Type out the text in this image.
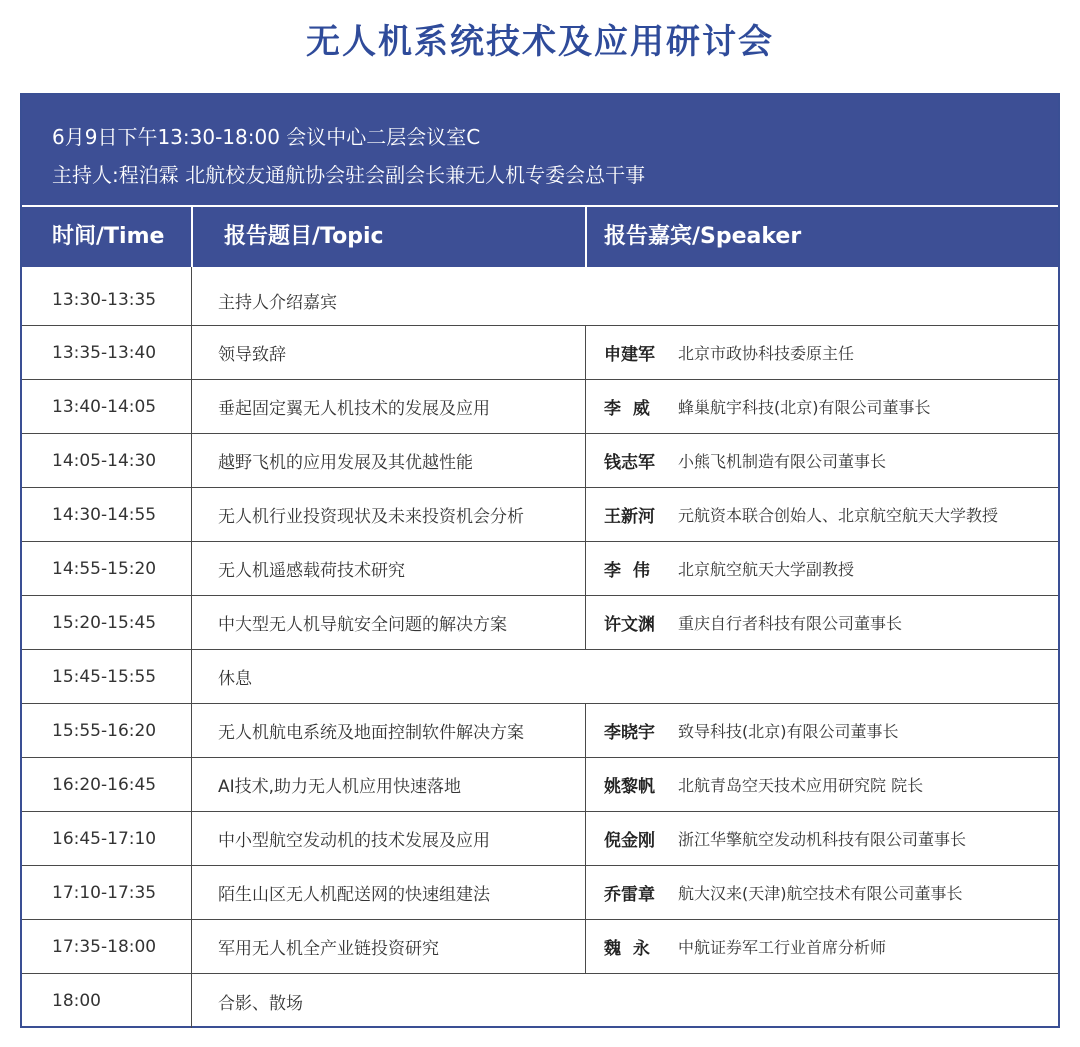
无人机系统技术及应用研讨会
6月9日下午13:30-18:00 会议中心二层会议室C
主持人:程泊霖 北航校友通航协会驻会副会长兼无人机专委会总干事
时间/Time	报告题目/Topic	报告嘉宾/Speaker
13:30-13:35	主持人介绍嘉宾
13:35-13:40	领导致辞	申建军	北京市政协科技委原主任
13:40-14:05	垂起固定翼无人机技术的发展及应用	李  威	蜂巢航宇科技(北京)有限公司董事长
14:05-14:30	越野飞机的应用发展及其优越性能	钱志军	小熊飞机制造有限公司董事长
14:30-14:55	无人机行业投资现状及未来投资机会分析	王新河	元航资本联合创始人、北京航空航天大学教授
14:55-15:20	无人机遥感载荷技术研究	李  伟	北京航空航天大学副教授
15:20-15:45	中大型无人机导航安全问题的解决方案	许文渊	重庆自行者科技有限公司董事长
15:45-15:55	休息
15:55-16:20	无人机航电系统及地面控制软件解决方案	李晓宇	致导科技(北京)有限公司董事长
16:20-16:45	AI技术,助力无人机应用快速落地	姚黎帆	北航青岛空天技术应用研究院 院长
16:45-17:10	中小型航空发动机的技术发展及应用	倪金刚	浙江华擎航空发动机科技有限公司董事长
17:10-17:35	陌生山区无人机配送网的快速组建法	乔雷章	航大汉来(天津)航空技术有限公司董事长
17:35-18:00	军用无人机全产业链投资研究	魏  永	中航证券军工行业首席分析师
18:00	合影、散场
